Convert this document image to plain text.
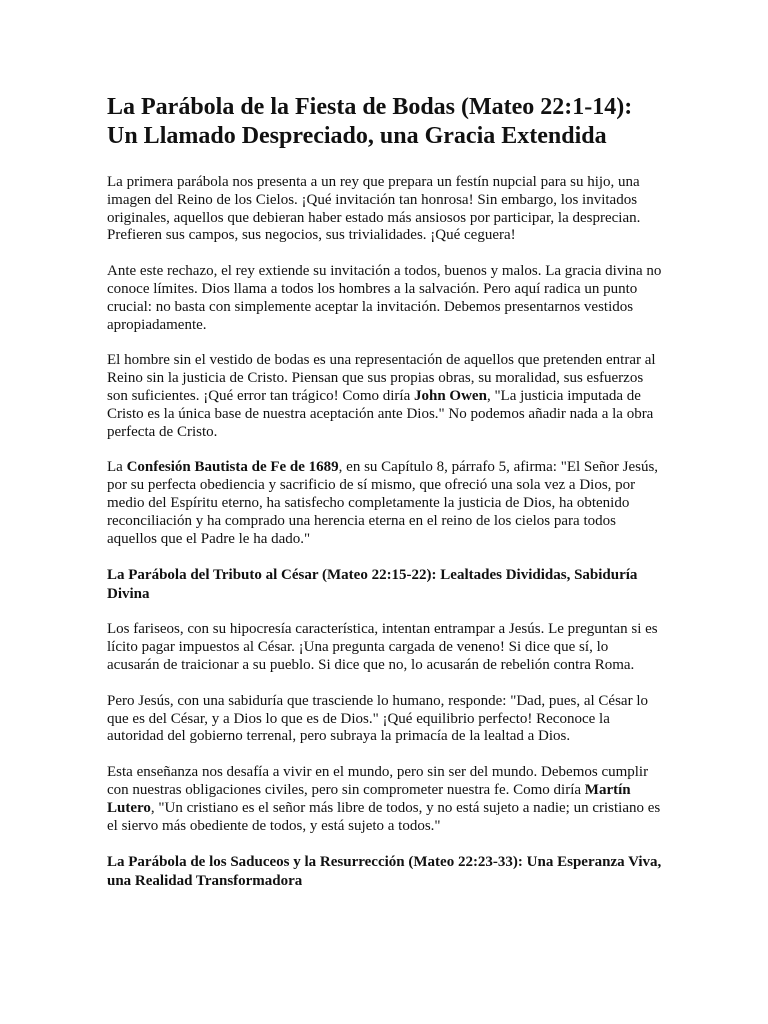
La Parábola de la Fiesta de Bodas (Mateo 22:1-14):
Un Llamado Despreciado, una Gracia Extendida

La primera parábola nos presenta a un rey que prepara un festín nupcial para su hijo, una imagen del Reino de los Cielos. ¡Qué invitación tan honrosa! Sin embargo, los invitados originales, aquellos que debieran haber estado más ansiosos por participar, la desprecian. Prefieren sus campos, sus negocios, sus trivialidades. ¡Qué ceguera!

Ante este rechazo, el rey extiende su invitación a todos, buenos y malos. La gracia divina no conoce límites. Dios llama a todos los hombres a la salvación. Pero aquí radica un punto crucial: no basta con simplemente aceptar la invitación. Debemos presentarnos vestidos apropiadamente.

El hombre sin el vestido de bodas es una representación de aquellos que pretenden entrar al Reino sin la justicia de Cristo. Piensan que sus propias obras, su moralidad, sus esfuerzos son suficientes. ¡Qué error tan trágico! Como diría John Owen, "La justicia imputada de Cristo es la única base de nuestra aceptación ante Dios." No podemos añadir nada a la obra perfecta de Cristo.

La Confesión Bautista de Fe de 1689, en su Capítulo 8, párrafo 5, afirma: "El Señor Jesús, por su perfecta obediencia y sacrificio de sí mismo, que ofreció una sola vez a Dios, por medio del Espíritu eterno, ha satisfecho completamente la justicia de Dios, ha obtenido reconciliación y ha comprado una herencia eterna en el reino de los cielos para todos aquellos que el Padre le ha dado."

La Parábola del Tributo al César (Mateo 22:15-22): Lealtades Divididas, Sabiduría Divina

Los fariseos, con su hipocresía característica, intentan entrampar a Jesús. Le preguntan si es lícito pagar impuestos al César. ¡Una pregunta cargada de veneno! Si dice que sí, lo acusarán de traicionar a su pueblo. Si dice que no, lo acusarán de rebelión contra Roma.

Pero Jesús, con una sabiduría que trasciende lo humano, responde: "Dad, pues, al César lo que es del César, y a Dios lo que es de Dios." ¡Qué equilibrio perfecto! Reconoce la autoridad del gobierno terrenal, pero subraya la primacía de la lealtad a Dios.

Esta enseñanza nos desafía a vivir en el mundo, pero sin ser del mundo. Debemos cumplir con nuestras obligaciones civiles, pero sin comprometer nuestra fe. Como diría Martín Lutero, "Un cristiano es el señor más libre de todos, y no está sujeto a nadie; un cristiano es el siervo más obediente de todos, y está sujeto a todos."

La Parábola de los Saduceos y la Resurrección (Mateo 22:23-33): Una Esperanza Viva, una Realidad Transformadora
